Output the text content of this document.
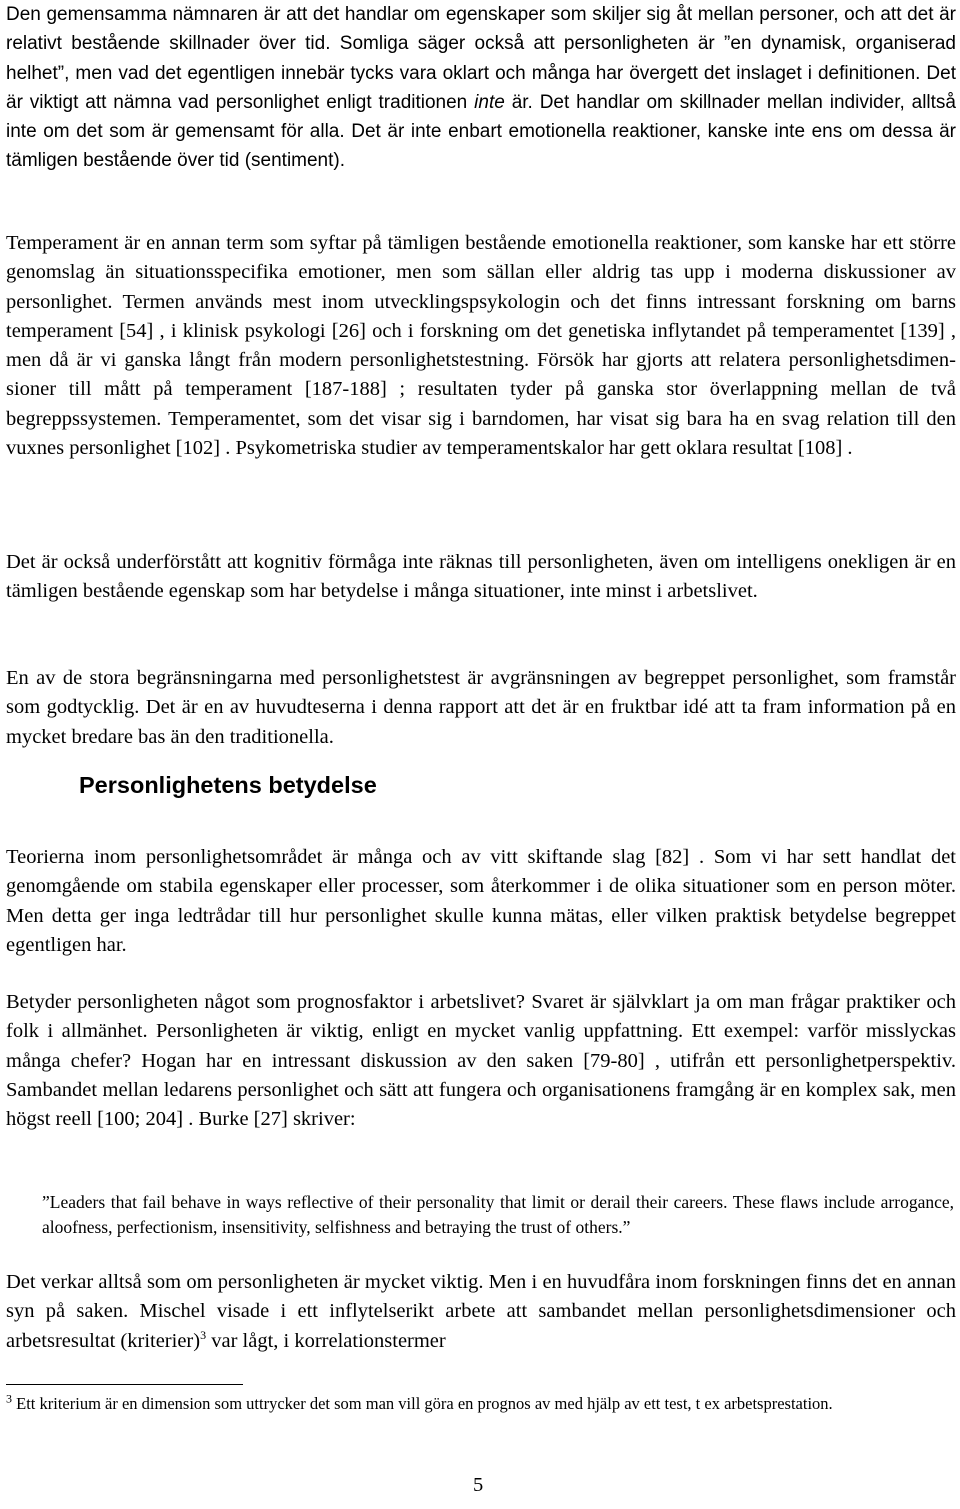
Den gemensamma nämnaren är att det handlar om egenskaper som skiljer sig åt mellan personer, och att det är relativt bestående skillnader över tid. Somliga säger också att personligheten är ”en dynamisk, organiserad helhet”, men vad det egentligen innebär tycks vara oklart och många har övergett det inslaget i definitionen. Det är viktigt att nämna vad personlighet enligt traditionen inte är. Det handlar om skillnader mellan individer, alltså inte om det som är gemensamt för alla. Det är inte enbart emotionella reaktioner, kanske inte ens om dessa är tämligen bestående över tid (sentiment).

Temperament är en annan term som syftar på tämligen bestående emotionella reaktioner, som kanske har ett större genomslag än situationsspecifika emotioner, men som sällan eller aldrig tas upp i moderna diskussioner av personlighet. Termen används mest inom utvecklingspsykologin och det finns intressant forskning om barns temperament [54] , i klinisk psykologi [26] och i forskning om det genetiska inflytandet på temperamentet [139] , men då är vi ganska långt från modern personlighetstestning. Försök har gjorts att relatera personlighetsdimensioner till mått på temperament [187-188] ; resultaten tyder på ganska stor överlappning mellan de två begreppssystemen. Temperamentet, som det visar sig i barndomen, har visat sig bara ha en svag relation till den vuxnes personlighet [102] . Psykometriska studier av temperamentskalor har gett oklara resultat [108] .

Det är också underförstått att kognitiv förmåga inte räknas till personligheten, även om intelligens onekligen är en tämligen bestående egenskap som har betydelse i många situationer, inte minst i arbetslivet.

En av de stora begränsningarna med personlighetstest är avgränsningen av begreppet personlighet, som framstår som godtycklig. Det är en av huvudteserna i denna rapport att det är en fruktbar idé att ta fram information på en mycket bredare bas än den traditionella.

Personlighetens betydelse

Teorierna inom personlighetsområdet är många och av vitt skiftande slag [82] . Som vi har sett handlat det genomgående om stabila egenskaper eller processer, som återkommer i de olika situationer som en person möter. Men detta ger inga ledtrådar till hur personlighet skulle kunna mätas, eller vilken praktisk betydelse begreppet egentligen har.

Betyder personligheten något som prognosfaktor i arbetslivet? Svaret är självklart ja om man frågar praktiker och folk i allmänhet. Personligheten är viktig, enligt en mycket vanlig uppfattning. Ett exempel: varför misslyckas många chefer? Hogan har en intressant diskussion av den saken [79-80] , utifrån ett personlighetperspektiv. Sambandet mellan ledarens personlighet och sätt att fungera och organisationens framgång är en komplex sak, men högst reell [100; 204] . Burke [27] skriver:

”Leaders that fail behave in ways reflective of their personality that limit or derail their careers. These flaws include arrogance, aloofness, perfectionism, insensitivity, selfishness and betraying the trust of others.”

Det verkar alltså som om personligheten är mycket viktig. Men i en huvudfåra inom forskningen finns det en annan syn på saken. Mischel visade i ett inflytelserikt arbete att sambandet mellan personlighetsdimensioner och arbetsresultat (kriterier)$^3$ var lågt, i korrelationstermer

$^3$ Ett kriterium är en dimension som uttrycker det som man vill göra en prognos av med hjälp av ett test, t ex arbetsprestation.

5
